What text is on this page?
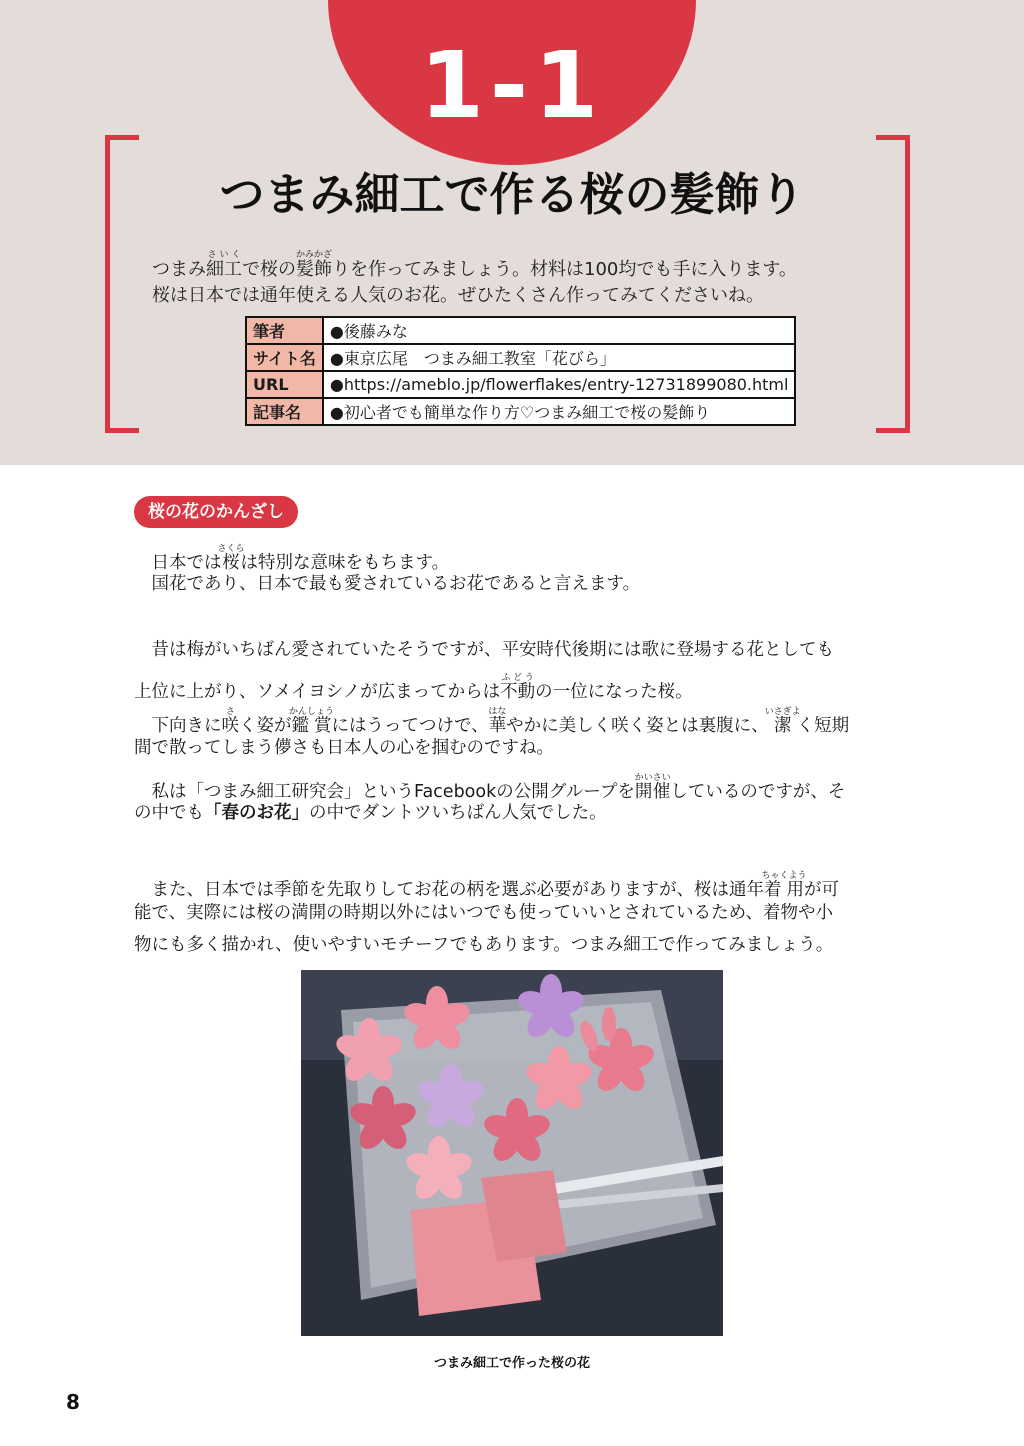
1-1
つまみ細工で作る桜の髪飾り
つまみ細工さいくで桜の髪飾かみかざりを作ってみましょう。材料は100均でも手に入ります。
桜は日本では通年使える人気のお花。ぜひたくさん作ってみてくださいね。
筆者	●後藤みな
サイト名	●東京広尾　つまみ細工教室「花びら」
URL	●https://ameblo.jp/flowerflakes/entry-12731899080.html
記事名	●初心者でも簡単な作り方♡つまみ細工で桜の髪飾り
桜の花のかんざし
　日本では桜さくらは特別な意味をもちます。
　国花であり、日本で最も愛されているお花であると言えます。
　昔は梅がいちばん愛されていたそうですが、平安時代後期には歌に登場する花としても
上位に上がり、ソメイヨシノが広まってからは不動ふどうの一位になった桜。
　下向きに咲さく姿が鑑賞かんしょうにはうってつけで、華はなやかに美しく咲く姿とは裏腹に、潔いさぎよく短期
間で散ってしまう儚さも日本人の心を掴むのですね。
　私は「つまみ細工研究会」というFacebookの公開グループを開催かいさいしているのですが、そ
の中でも「春のお花」の中でダントツいちばん人気でした。
　また、日本では季節を先取りしてお花の柄を選ぶ必要がありますが、桜は通年着用ちゃくようが可
能で、実際には桜の満開の時期以外にはいつでも使っていいとされているため、着物や小
物にも多く描かれ、使いやすいモチーフでもあります。つまみ細工で作ってみましょう。
つまみ細工で作った桜の花
8
